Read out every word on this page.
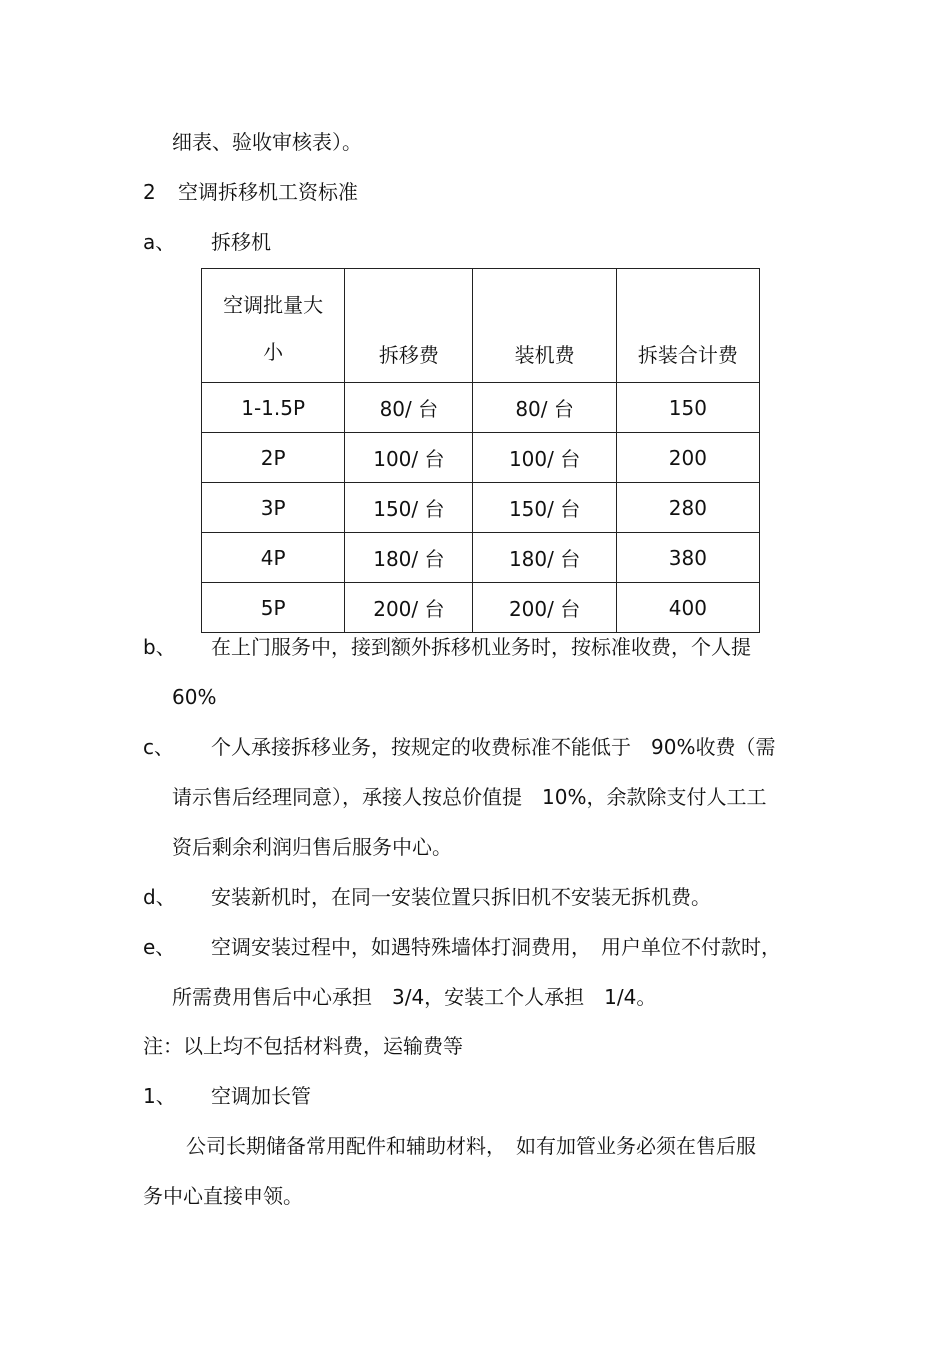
细表、验收审核表）。
2 空调拆移机工资标准
a、 拆移机
空调批量大
小	拆移费	装机费	拆装合计费
1-1.5P	80/ 台	80/ 台	150
2P	100/ 台	100/ 台	200
3P	150/ 台	150/ 台	280
4P	180/ 台	180/ 台	380
5P	200/ 台	200/ 台	400
b、 在上门服务中，接到额外拆移机业务时，按标准收费，个人提
60%
c、 个人承接拆移业务，按规定的收费标准不能低于　90%收费（需
请示售后经理同意），承接人按总价值提　10%，余款除支付人工工
资后剩余利润归售后服务中心。
d、 安装新机时，在同一安装位置只拆旧机不安装无拆机费。
e、 空调安装过程中，如遇特殊墙体打洞费用，　用户单位不付款时，
所需费用售后中心承担　3/4，安装工个人承担　1/4。
注：以上均不包括材料费，运输费等
1、 空调加长管
公司长期储备常用配件和辅助材料，　如有加管业务必须在售后服
务中心直接申领。
